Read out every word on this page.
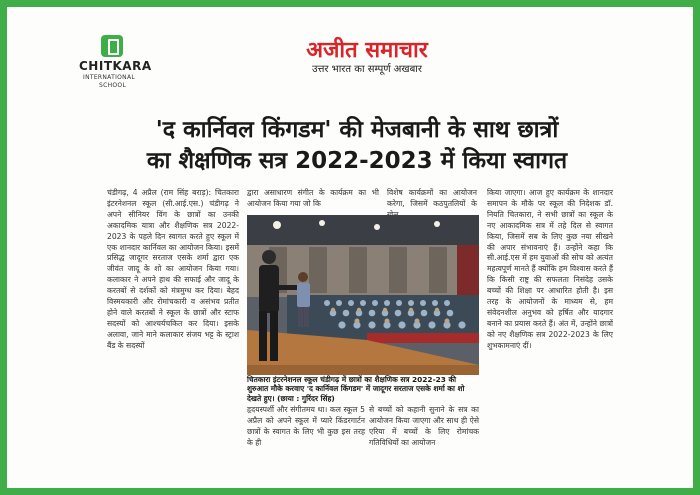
CHITKARA
INTERNATIONAL
SCHOOL
अजीत समाचार
उत्तर भारत का सम्पूर्ण अखबार
'द कार्निवल किंगडम' की मेजबानी के साथ छात्रों
का शैक्षणिक सत्र 2022-2023 में किया स्वागत
चंडीगढ़, 4 अप्रैल (राम सिंह बराड़): चितकारा इंटरनेशनल स्कूल (सी.आई.एस.) चंडीगढ़ ने अपने सीनियर विंग के छात्रों का उनकी अकादमिक यात्रा और शैक्षणिक सत्र 2022-2023 के पहले दिन स्वागत करते हुए स्कूल में एक शानदार कार्निवल का आयोजन किया। इसमें प्रसिद्ध जादूगर सरताज एसके शर्मा द्वारा एक जीवंत जादू के शो का आयोजन किया गया। कलाकार ने अपने हाथ की सफाई और जादू के करतबों से दर्शकों को मंत्रमुग्ध कर दिया। बेहद विस्मयकारी और रोमांचकारी व असंभव प्रतीत होने वाले करतबों ने स्कूल के छात्रों और स्टाफ सदस्यों को आश्चर्यचकित कर दिया। इसके अलावा, जाने माने कलाकार संजय भट्ट के स्ट्राश बैंड के सदस्यों
द्वारा असाधारण संगीत के कार्यक्रम का भी आयोजन किया गया जो कि
विशेष कार्यक्रमों का आयोजन करेगा, जिसमें कठपुतलियों के
किया जाएगा। आज हुए कार्यक्रम के शानदार समापन के मौके पर स्कूल की निदेशक डॉ. नियति चितकारा, ने सभी छात्रों का स्कूल के नए आकादमिक सत्र में तहे दिल से स्वागत किया, जिसमें सब के लिए कुछ नया सीखने की अपार संभावनाएं हैं। उन्होंने कहा कि सी.आई.एस में हम युवाओं की सोच को अत्यंत महत्वपूर्ण मानते हैं क्योंकि हम विश्वास करते हैं कि किसी राष्ट्र की सफलता निसंदेह उसके बच्चों की शिक्षा पर आधारित होती है। इस तरह के आयोजनों के माध्यम से, हम संवेदनशील अनुभव को हर्षित और यादगार बनाने का प्रयास करते हैं। अंत में, उन्होंने छात्रों को नए शैक्षणिक सत्र 2022-2023 के लिए शुभकामनाएं दीं।
चितकारा इंटरनेशनल स्कूल चंडीगढ़ में छात्रों का शैक्षणिक सत्र 2022-23 की शुरुआत मौके करवाए 'द कार्निवल किंगडम' में जादूगर सरताज एसके शर्मा का शो देखते हुए। (छाया : गुरिंदर सिंह)
हृदयस्पर्शी और संगीतमय था। कल स्कूल 5 अप्रैल को अपने स्कूल में प्यारे किंडरगार्टन छात्रों के स्वागत के लिए भी कुछ इस तरह के ही
से बच्चों को कहानी सुनाने के सत्र का आयोजन किया जाएगा और साथ ही ऐसे एरिया में बच्चों के लिए रोमांचक गतिविधियों का आयोजन
